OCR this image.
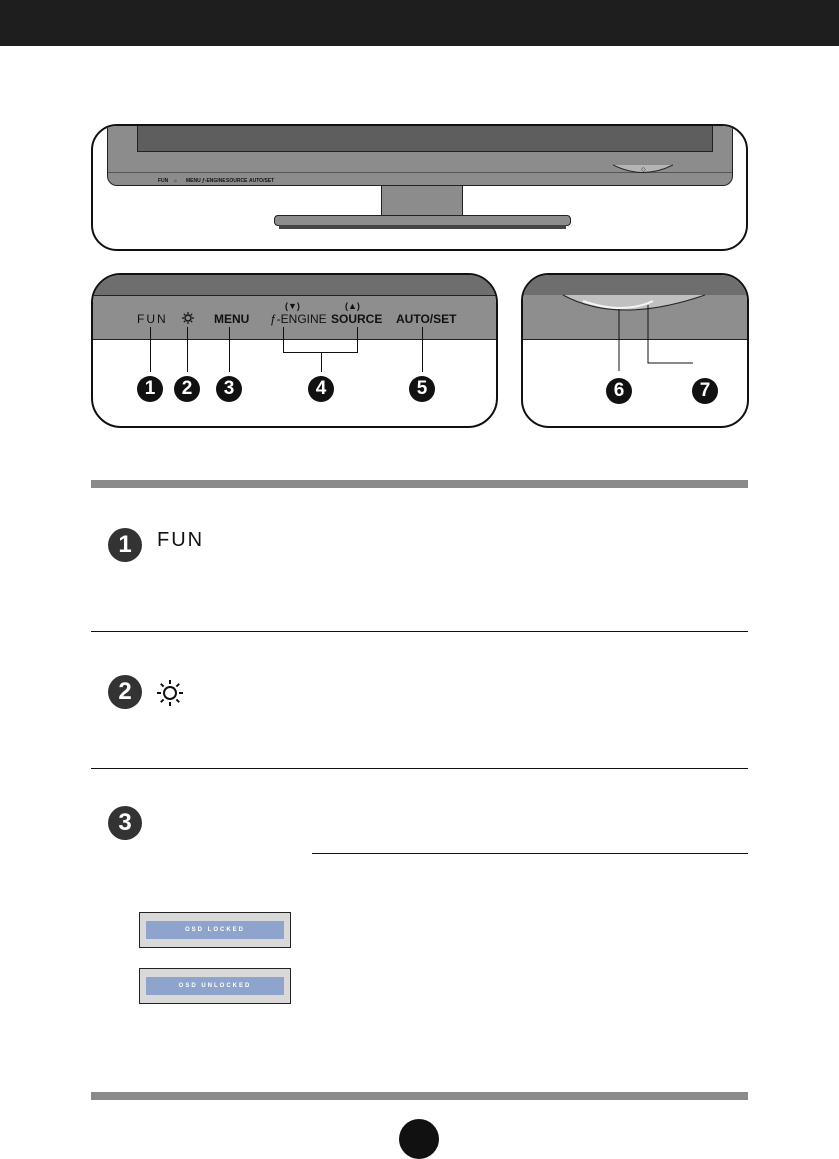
FUN ☼ MENU ƒ-ENGINE SOURCE AUTO/SET
◇
FUN	MENU
(▼)
ƒ-ENGINE
(▲)
SOURCE AUTO/SET
1	2	3	4	5	6	7
1	FUN
2
3
OSD LOCKED
OSD UNLOCKED
